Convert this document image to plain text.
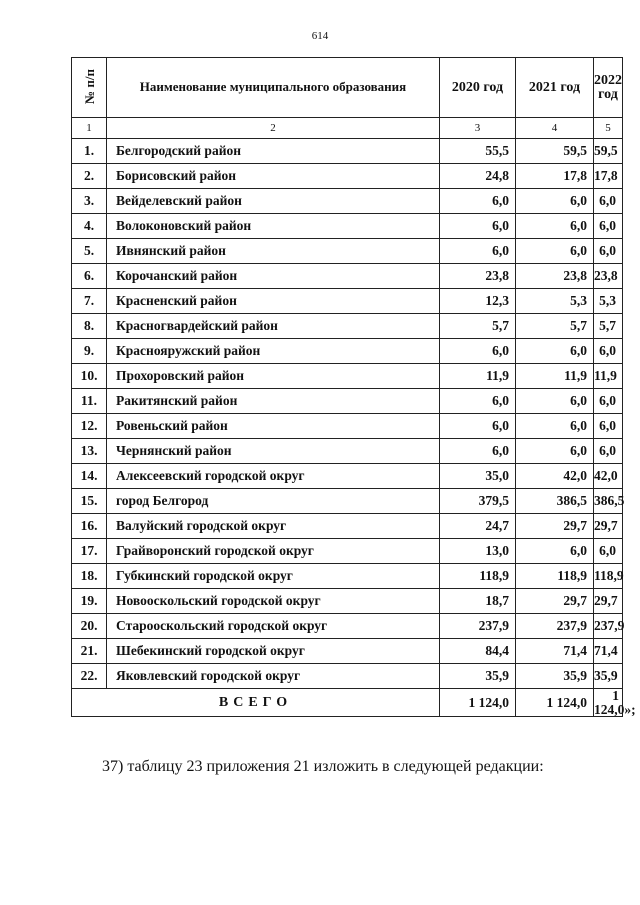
614
№ п/п	Наименование муниципального образования	2020 год	2021 год	2022 год
1	2	3	4	5
1.	Белгородский район	55,5	59,5	59,5
2.	Борисовский район	24,8	17,8	17,8
3.	Вейделевский район	6,0	6,0	6,0
4.	Волоконовский район	6,0	6,0	6,0
5.	Ивнянский район	6,0	6,0	6,0
6.	Корочанский район	23,8	23,8	23,8
7.	Красненский район	12,3	5,3	5,3
8.	Красногвардейский район	5,7	5,7	5,7
9.	Краснояружский район	6,0	6,0	6,0
10.	Прохоровский район	11,9	11,9	11,9
11.	Ракитянский район	6,0	6,0	6,0
12.	Ровеньский район	6,0	6,0	6,0
13.	Чернянский район	6,0	6,0	6,0
14.	Алексеевский городской округ	35,0	42,0	42,0
15.	город Белгород	379,5	386,5	386,5
16.	Валуйский городской округ	24,7	29,7	29,7
17.	Грайворонский городской округ	13,0	6,0	6,0
18.	Губкинский городской округ	118,9	118,9	118,9
19.	Новооскольский городской округ	18,7	29,7	29,7
20.	Старооскольский городской округ	237,9	237,9	237,9
21.	Шебекинский городской округ	84,4	71,4	71,4
22.	Яковлевский городской округ	35,9	35,9	35,9
ВСЕГО		1 124,0	1 124,0	1 124,0»;
37) таблицу 23 приложения 21 изложить в следующей редакции:
